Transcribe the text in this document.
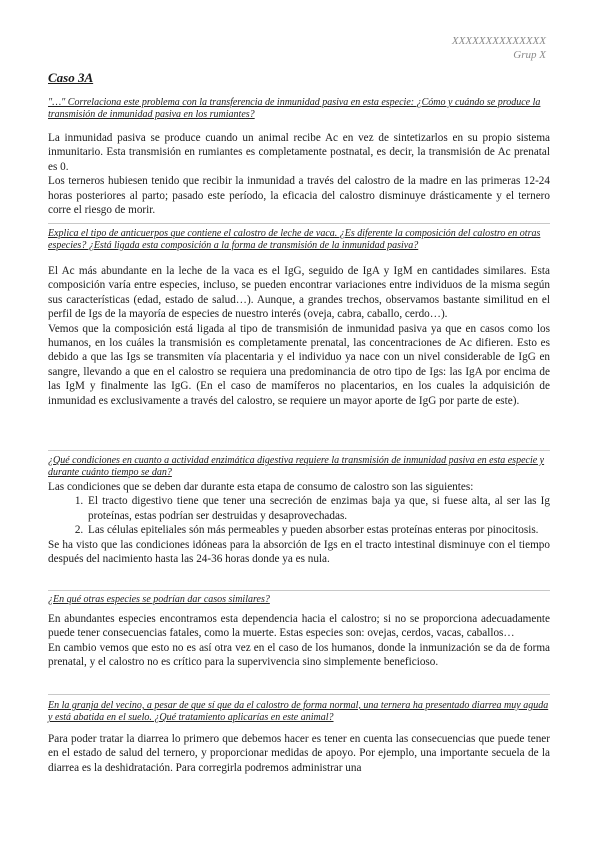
XXXXXXXXXXXXXX
Grup X
Caso 3A
"…" Correlaciona este problema con la transferencia de inmunidad pasiva en esta especie: ¿Cómo y cuándo se produce la transmisión de inmunidad pasiva en los rumiantes?
La inmunidad pasiva se produce cuando un animal recibe Ac en vez de sintetizarlos en su propio sistema inmunitario. Esta transmisión en rumiantes es completamente postnatal, es decir, la transmisión de Ac prenatal es 0.
Los terneros hubiesen tenido que recibir la inmunidad a través del calostro de la madre en las primeras 12-24 horas posteriores al parto; pasado este período, la eficacia del calostro disminuye drásticamente y el ternero corre el riesgo de morir.
Explica el tipo de anticuerpos que contiene el calostro de leche de vaca. ¿Es diferente la composición del calostro en otras especies? ¿Está ligada esta composición a la forma de transmisión de la inmunidad pasiva?
El Ac más abundante en la leche de la vaca es el IgG, seguido de IgA y IgM en cantidades similares. Esta composición varía entre especies, incluso, se pueden encontrar variaciones entre individuos de la misma según sus características (edad, estado de salud…). Aunque, a grandes trechos, observamos bastante similitud en el perfil de Igs de la mayoría de especies de nuestro interés (oveja, cabra, caballo, cerdo…).
Vemos que la composición está ligada al tipo de transmisión de inmunidad pasiva ya que en casos como los humanos, en los cuáles la transmisión es completamente prenatal, las concentraciones de Ac difieren. Esto es debido a que las Igs se transmiten vía placentaria y el individuo ya nace con un nivel considerable de IgG en sangre, llevando a que en el calostro se requiera una predominancia de otro tipo de Igs: las IgA por encima de las IgM y finalmente las IgG. (En el caso de mamíferos no placentarios, en los cuales la adquisición de inmunidad es exclusivamente a través del calostro, se requiere un mayor aporte de IgG por parte de este).
¿Qué condiciones en cuanto a actividad enzimática digestiva requiere la transmisión de inmunidad pasiva en esta especie y durante cuánto tiempo se dan?
Las condiciones que se deben dar durante esta etapa de consumo de calostro son las siguientes:
1. El tracto digestivo tiene que tener una secreción de enzimas baja ya que, si fuese alta, al ser las Ig proteínas, estas podrían ser destruidas y desaprovechadas.
2. Las células epiteliales són más permeables y pueden absorber estas proteínas enteras por pinocitosis.
Se ha visto que las condiciones idóneas para la absorción de Igs en el tracto intestinal disminuye con el tiempo después del nacimiento hasta las 24-36 horas donde ya es nula.
¿En qué otras especies se podrían dar casos similares?
En abundantes especies encontramos esta dependencia hacia el calostro; si no se proporciona adecuadamente puede tener consecuencias fatales, como la muerte. Estas especies son: ovejas, cerdos, vacas, caballos…
En cambio vemos que esto no es así otra vez en el caso de los humanos, donde la inmunización se da de forma prenatal, y el calostro no es crítico para la supervivencia sino simplemente beneficioso.
En la granja del vecino, a pesar de que sí que da el calostro de forma normal, una ternera ha presentado diarrea muy aguda y está abatida en el suelo. ¿Qué tratamiento aplicarías en este animal?
Para poder tratar la diarrea lo primero que debemos hacer es tener en cuenta las consecuencias que puede tener en el estado de salud del ternero, y proporcionar medidas de apoyo. Por ejemplo, una importante secuela de la diarrea es la deshidratación. Para corregirla podremos administrar una
